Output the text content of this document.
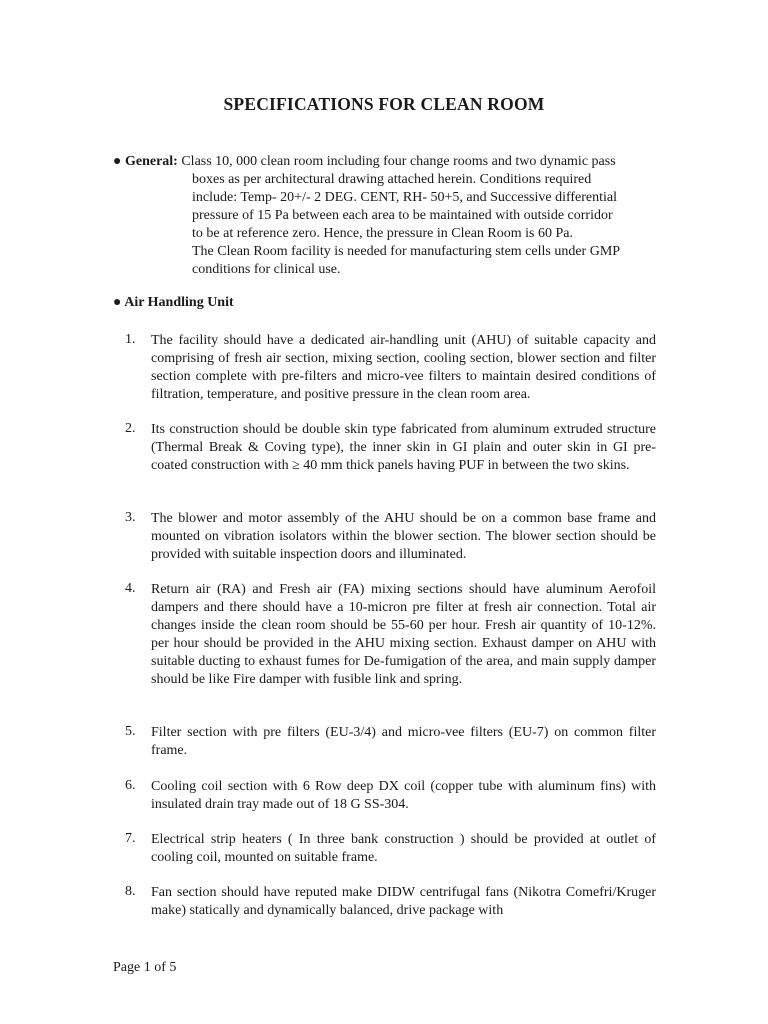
SPECIFICATIONS FOR CLEAN ROOM

● General: Class 10, 000 clean room including four change rooms and two dynamic pass

boxes as per architectural drawing attached herein. Conditions required

include: Temp- 20+/- 2 DEG. CENT, RH- 50+5, and Successive differential

pressure of 15 Pa between each area to be maintained with outside corridor

to be at reference zero. Hence, the pressure in Clean Room is 60 Pa.

The Clean Room facility is needed for manufacturing stem cells under GMP

conditions for clinical use.

● Air Handling Unit
1.	The facility should have a dedicated air-handling unit (AHU) of suitable capacity and comprising of fresh air section, mixing section, cooling section, blower section and filter section complete with pre-filters and micro-vee filters to maintain desired conditions of filtration, temperature, and positive pressure in the clean room area.
2.	Its construction should be double skin type fabricated from aluminum extruded structure (Thermal Break & Coving type), the inner skin in GI plain and outer skin in GI pre-coated construction with ≥ 40 mm thick panels having PUF in between the two skins.
3.	The blower and motor assembly of the AHU should be on a common base frame and mounted on vibration isolators within the blower section. The blower section should be provided with suitable inspection doors and illuminated.
4.	Return air (RA) and Fresh air (FA) mixing sections should have aluminum Aerofoil dampers and there should have a 10-micron pre filter at fresh air connection. Total air changes inside the clean room should be 55-60 per hour. Fresh air quantity of 10-12%. per hour should be provided in the AHU mixing section. Exhaust damper on AHU with suitable ducting to exhaust fumes for De-fumigation of the area, and main supply damper should be like Fire damper with fusible link and spring.
5.	Filter section with pre filters (EU-3/4) and micro-vee filters (EU-7) on common filter frame.
6.	Cooling coil section with 6 Row deep DX coil (copper tube with aluminum fins) with insulated drain tray made out of 18 G SS-304.
7.	Electrical strip heaters ( In three bank construction ) should be provided at outlet of cooling coil, mounted on suitable frame.
8.	Fan section should have reputed make DIDW centrifugal fans (Nikotra Comefri/Kruger make) statically and dynamically balanced, drive package with
Page 1 of 5
